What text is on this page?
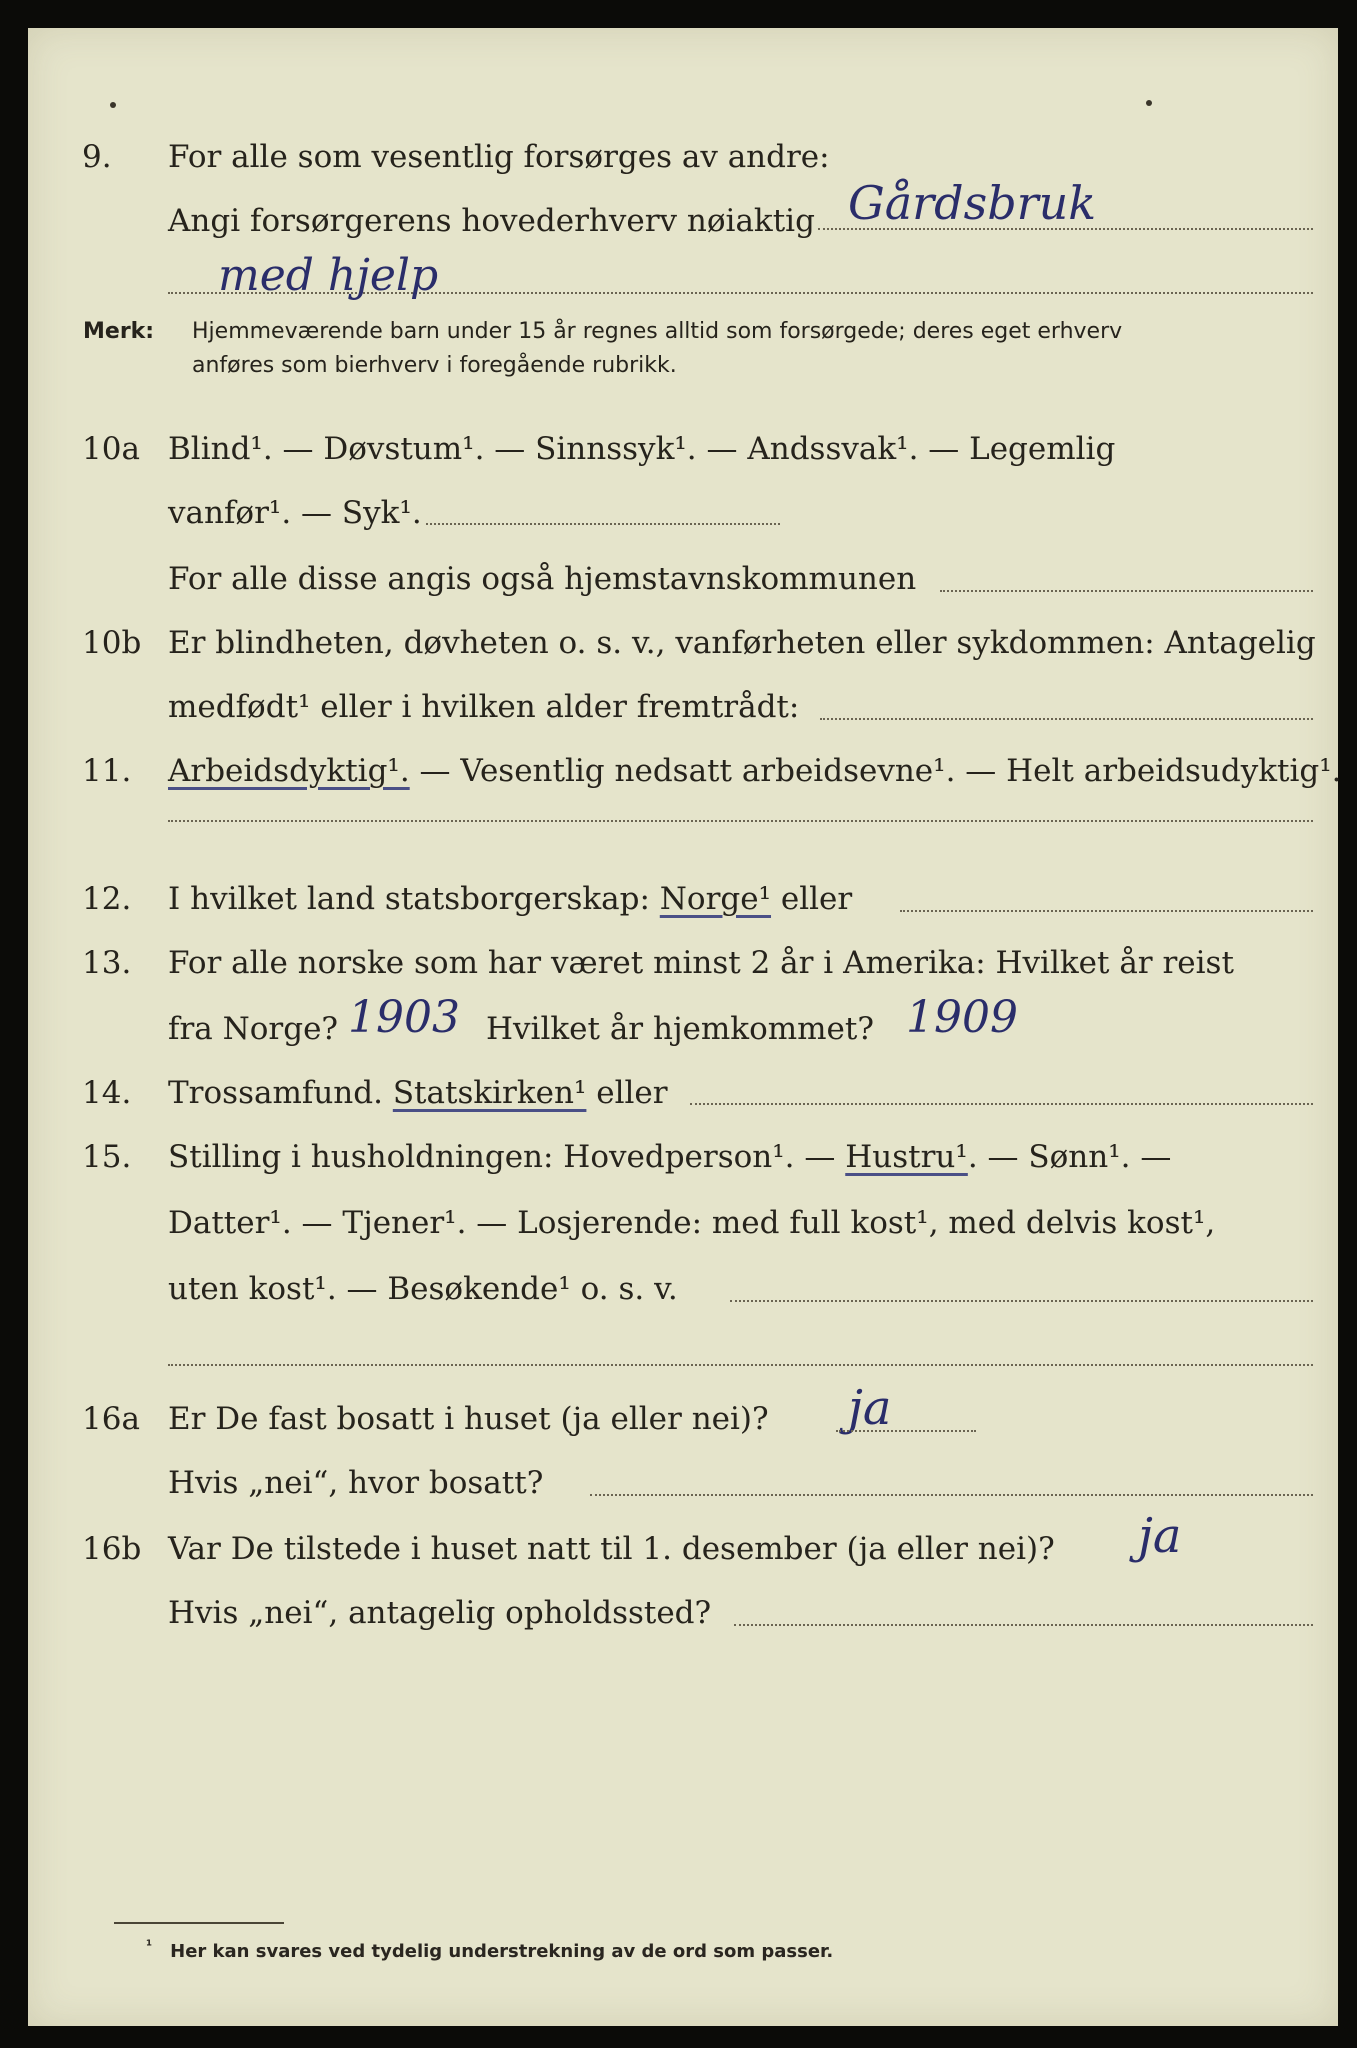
9. For alle som vesentlig forsørges av andre:
Angi forsørgerens hovederhverv nøiaktig Gårdsbruk
med hjelp
Merk: Hjemmeværende barn under 15 år regnes alltid som forsørgede; deres eget erhverv
anføres som bierhverv i foregående rubrikk.
10a Blind¹. — Døvstum¹. — Sinnssyk¹. — Andssvak¹. — Legemlig
vanfør¹. — Syk¹.
For alle disse angis også hjemstavnskommunen
10b Er blindheten, døvheten o. s. v., vanførheten eller sykdommen: Antagelig
medfødt¹ eller i hvilken alder fremtrådt:
11. Arbeidsdyktig¹. — Vesentlig nedsatt arbeidsevne¹. — Helt arbeidsudyktig¹.
12. I hvilket land statsborgerskap: Norge¹ eller
13. For alle norske som har været minst 2 år i Amerika: Hvilket år reist
fra Norge?	Hvilket år hjemkommet?
1903	1909
14. Trossamfund. Statskirken¹ eller
15. Stilling i husholdningen: Hovedperson¹. — Hustru¹. — Sønn¹. —
Datter¹. — Tjener¹. — Losjerende: med full kost¹, med delvis kost¹,
uten kost¹. — Besøkende¹ o. s. v.
16a Er De fast bosatt i huset (ja eller nei)? ja
Hvis „nei“, hvor bosatt?
16b Var De tilstede i huset natt til 1. desember (ja eller nei)? ja
Hvis „nei“, antagelig opholdssted?
$^{^1}$ Her kan svares ved tydelig understrekning av de ord som passer.
